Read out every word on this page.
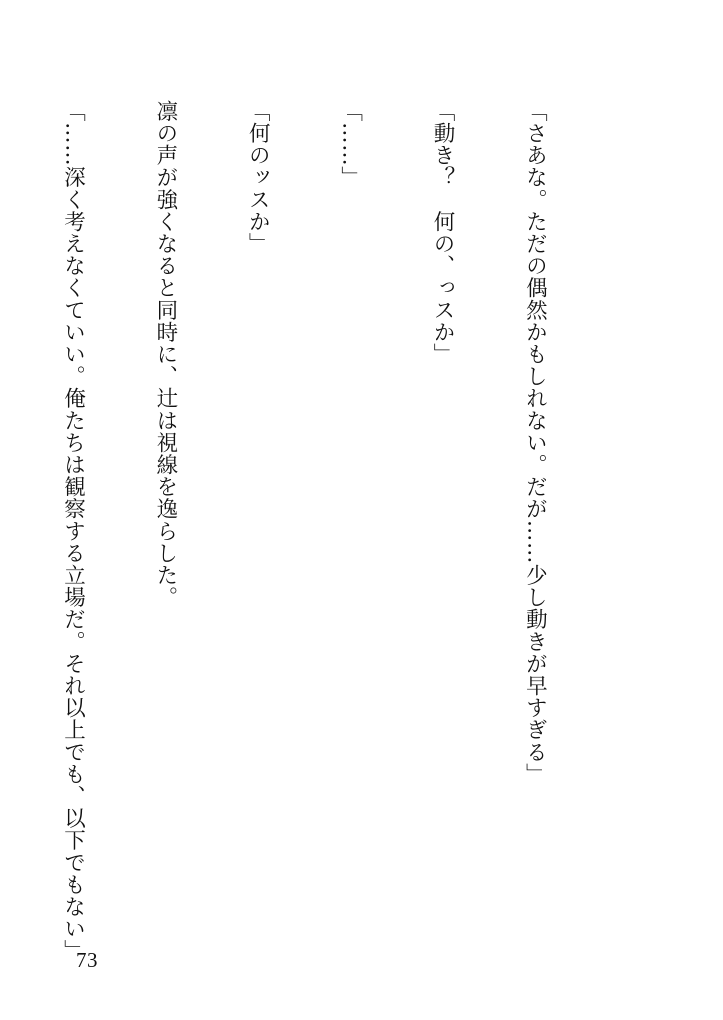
「さあな。ただの偶然かもしれない。だが……少し動きが早すぎる」

「動き？　何の、っスか」

「……」

「何のッスか」

凛の声が強くなると同時に、辻は視線を逸らした。

「……深く考えなくていい。俺たちは観察する立場だ。それ以上でも、以下でもない」

73
